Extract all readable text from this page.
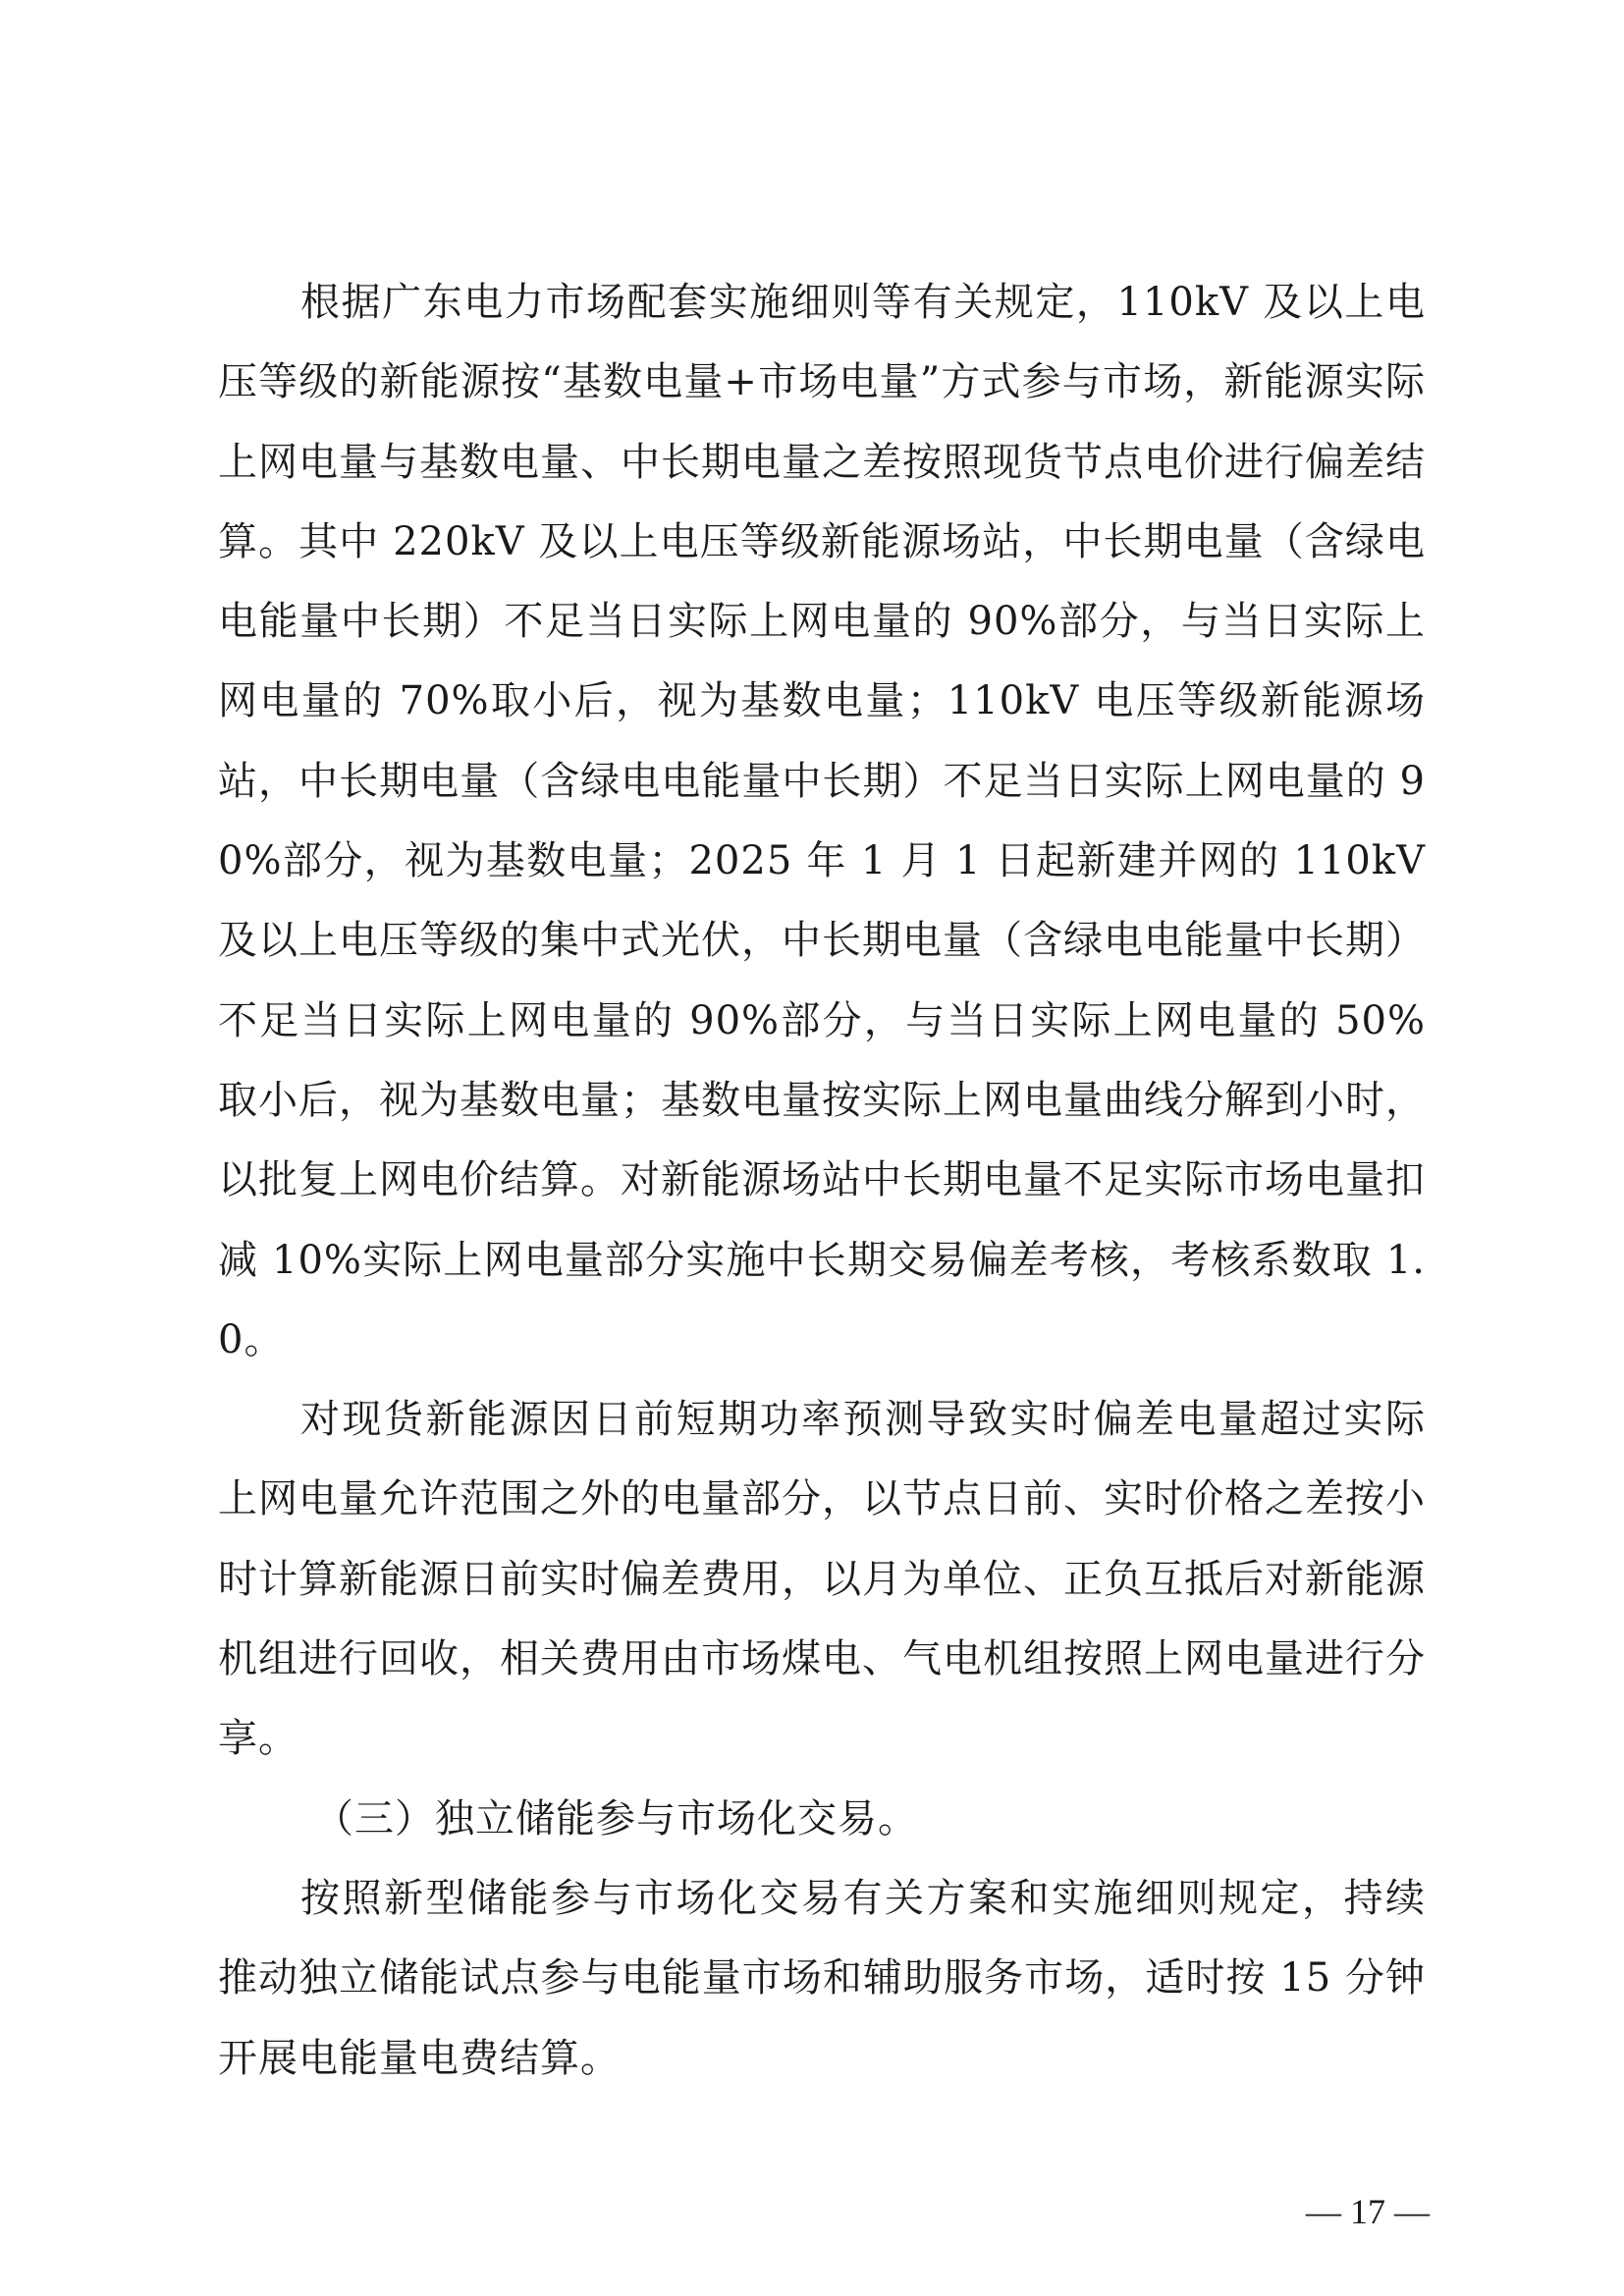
根据广东电力市场配套实施细则等有关规定，110kV 及以上电压等级的新能源按“基数电量+市场电量”方式参与市场，新能源实际上网电量与基数电量、中长期电量之差按照现货节点电价进行偏差结算。其中 220kV 及以上电压等级新能源场站，中长期电量（含绿电电能量中长期）不足当日实际上网电量的 90%部分，与当日实际上网电量的 70%取小后，视为基数电量；110kV 电压等级新能源场站，中长期电量（含绿电电能量中长期）不足当日实际上网电量的 90%部分，视为基数电量；2025 年 1 月 1 日起新建并网的 110kV 及以上电压等级的集中式光伏，中长期电量（含绿电电能量中长期）不足当日实际上网电量的 90%部分，与当日实际上网电量的 50%取小后，视为基数电量；基数电量按实际上网电量曲线分解到小时，以批复上网电价结算。对新能源场站中长期电量不足实际市场电量扣减 10%实际上网电量部分实施中长期交易偏差考核，考核系数取 1.0。

对现货新能源因日前短期功率预测导致实时偏差电量超过实际上网电量允许范围之外的电量部分，以节点日前、实时价格之差按小时计算新能源日前实时偏差费用，以月为单位、正负互抵后对新能源机组进行回收，相关费用由市场煤电、气电机组按照上网电量进行分享。

（三）独立储能参与市场化交易。

按照新型储能参与市场化交易有关方案和实施细则规定，持续推动独立储能试点参与电能量市场和辅助服务市场，适时按 15 分钟开展电能量电费结算。

— 17 —
